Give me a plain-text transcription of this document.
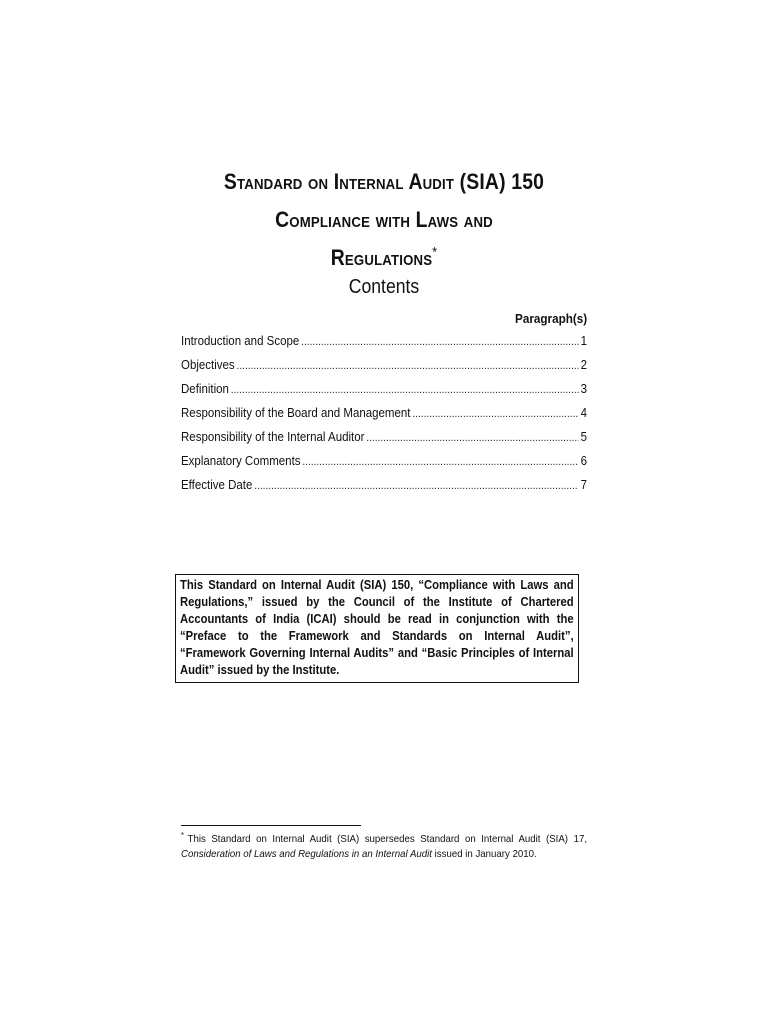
Standard on Internal Audit (SIA) 150
Compliance with Laws and
Regulations*
Contents
Paragraph(s)
Introduction and Scope .....	1
Objectives .....	2
Definition .....	3
Responsibility of the Board and Management .....	4
Responsibility of the Internal Auditor .....	5
Explanatory Comments .....	6
Effective Date .....	7
This Standard on Internal Audit (SIA) 150, “Compliance with Laws and Regulations,” issued by the Council of the Institute of Chartered Accountants of India (ICAI) should be read in conjunction with the “Preface to the Framework and Standards on Internal Audit”, “Framework Governing Internal Audits” and “Basic Principles of Internal Audit” issued by the Institute.
* This Standard on Internal Audit (SIA) supersedes Standard on Internal Audit (SIA) 17, Consideration of Laws and Regulations in an Internal Audit issued in January 2010.
